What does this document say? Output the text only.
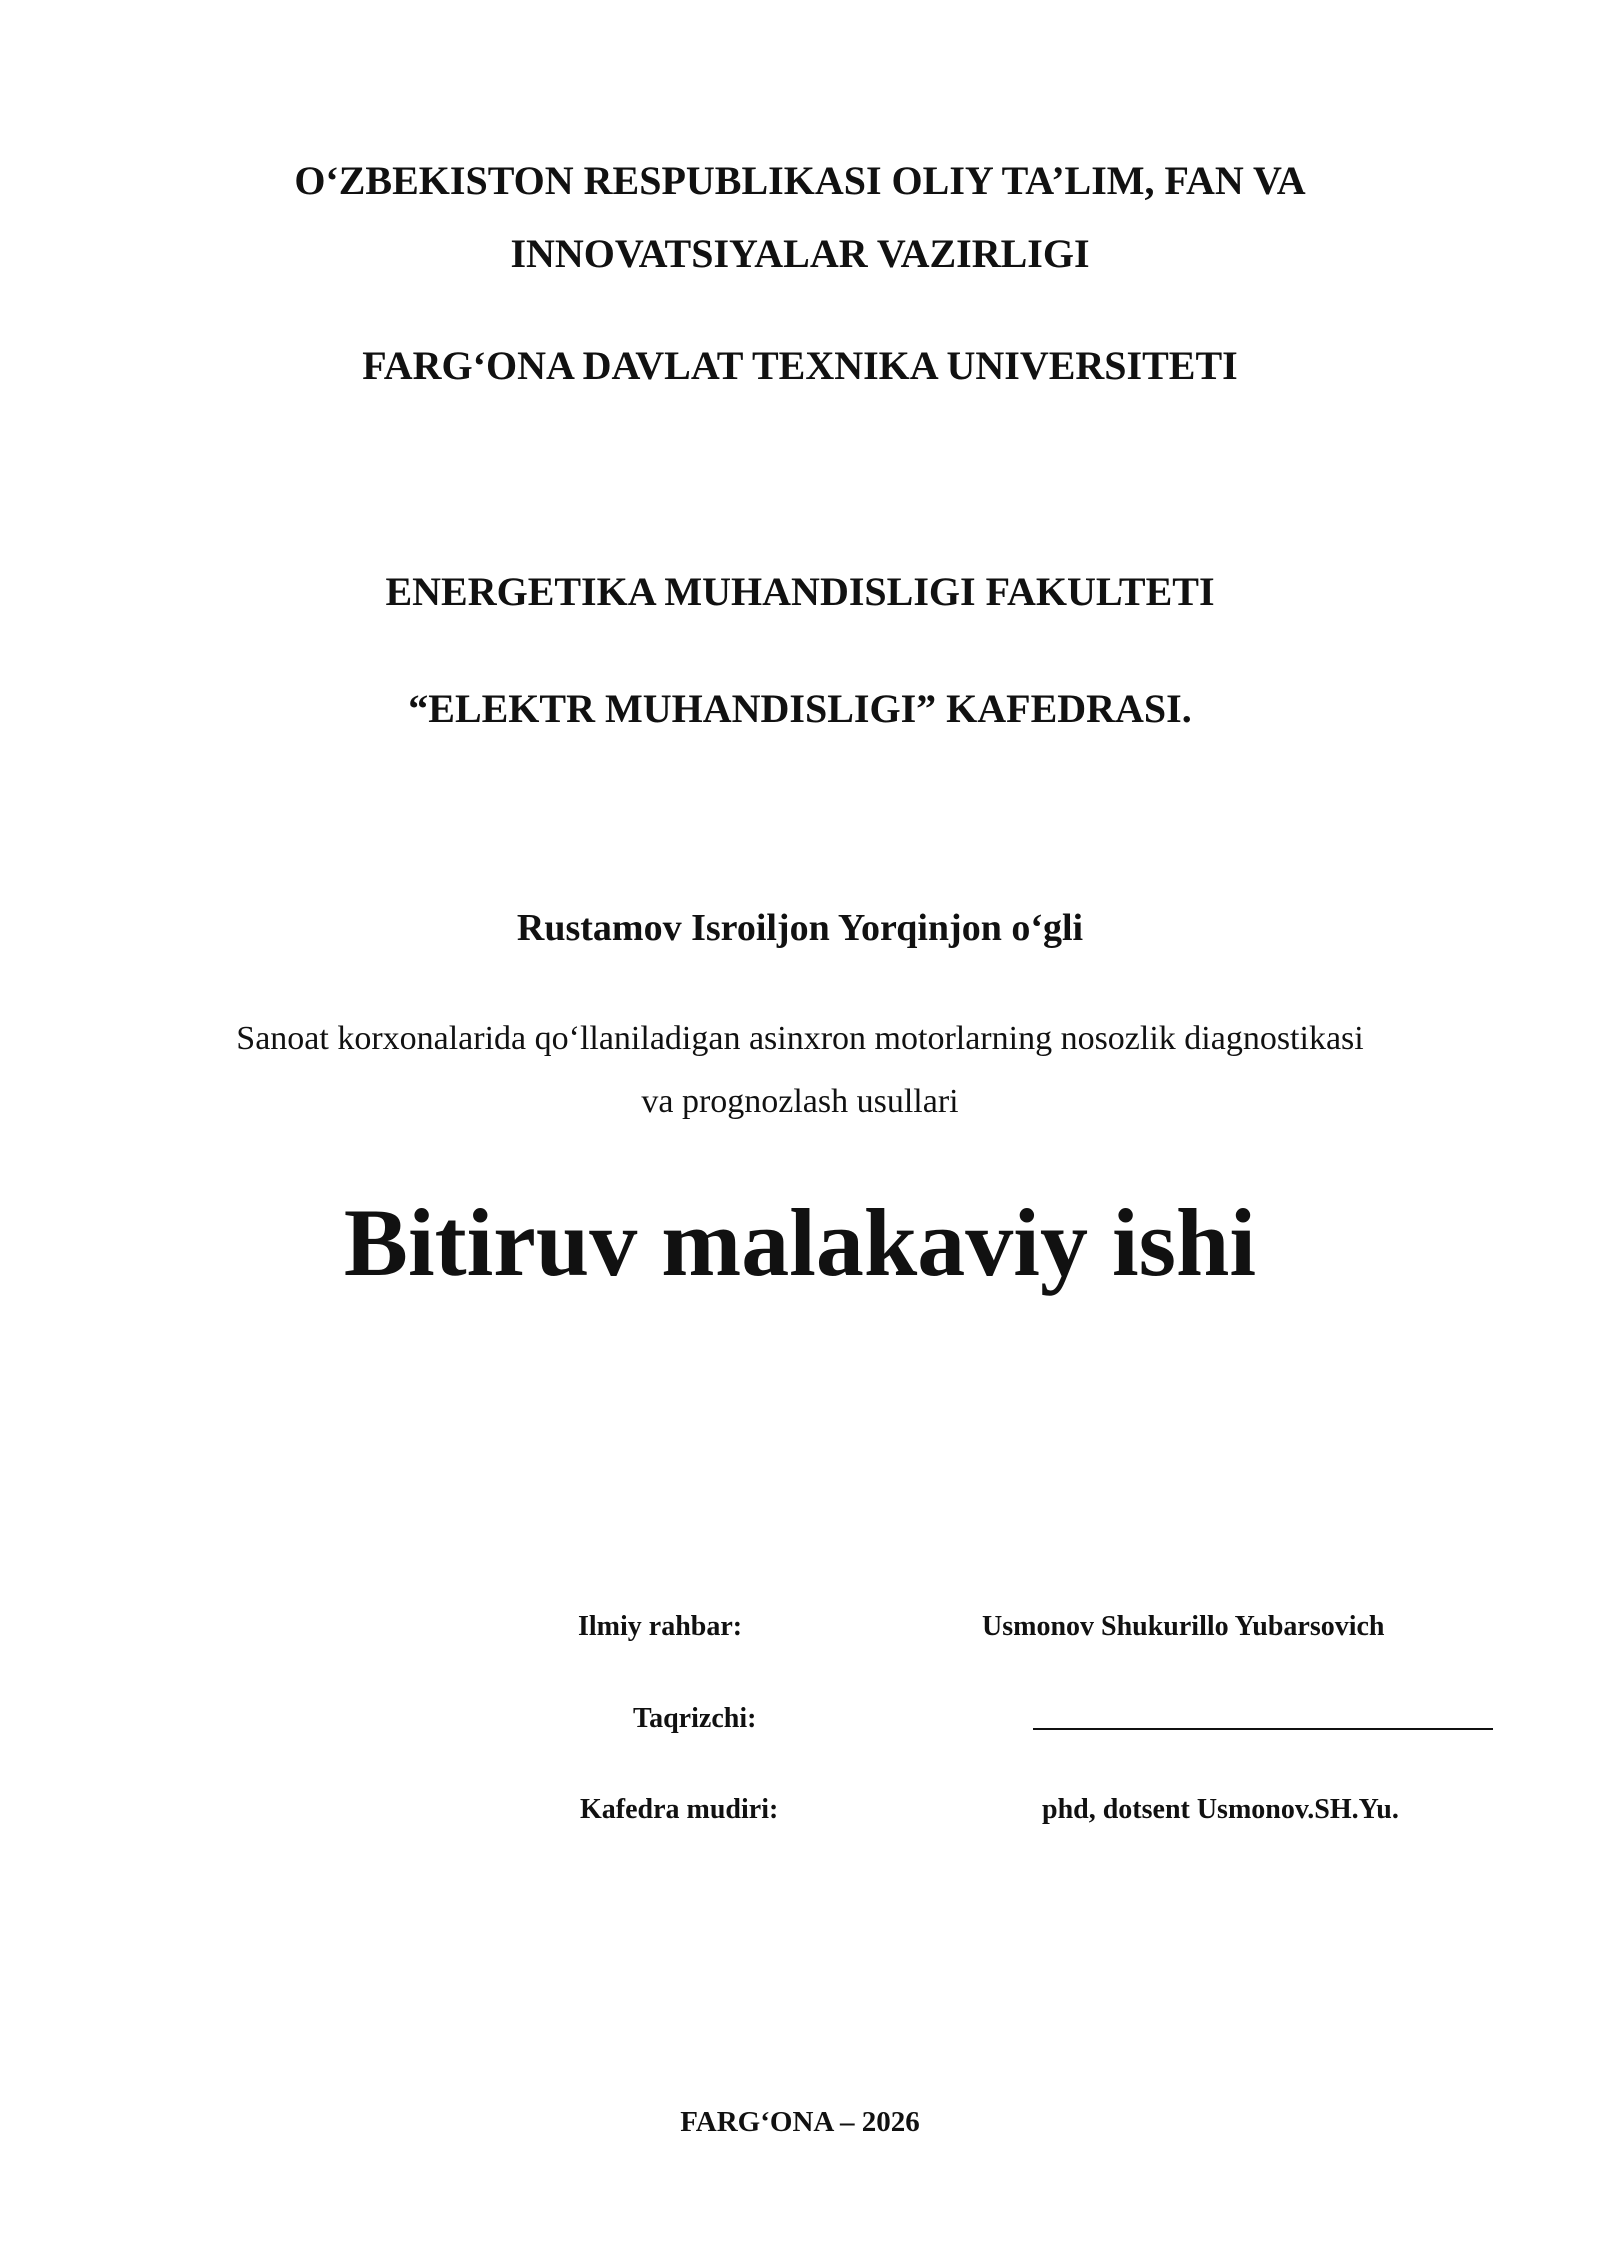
O‘ZBEKISTON RESPUBLIKASI OLIY TA’LIM, FAN VA
INNOVATSIYALAR VAZIRLIGI
FARG‘ONA DAVLAT TEXNIKA UNIVERSITETI
ENERGETIKA MUHANDISLIGI FAKULTETI
“ELEKTR MUHANDISLIGI” KAFEDRASI.
Rustamov Isroiljon Yorqinjon o‘gli
Sanoat korxonalarida qo‘llaniladigan asinxron motorlarning nosozlik diagnostikasi
va prognozlash usullari
Bitiruv malakaviy ishi
Ilmiy rahbar:	Usmonov Shukurillo Yubarsovich
Taqrizchi:
Kafedra mudiri:	phd, dotsent Usmonov.SH.Yu.
FARG‘ONA – 2026
